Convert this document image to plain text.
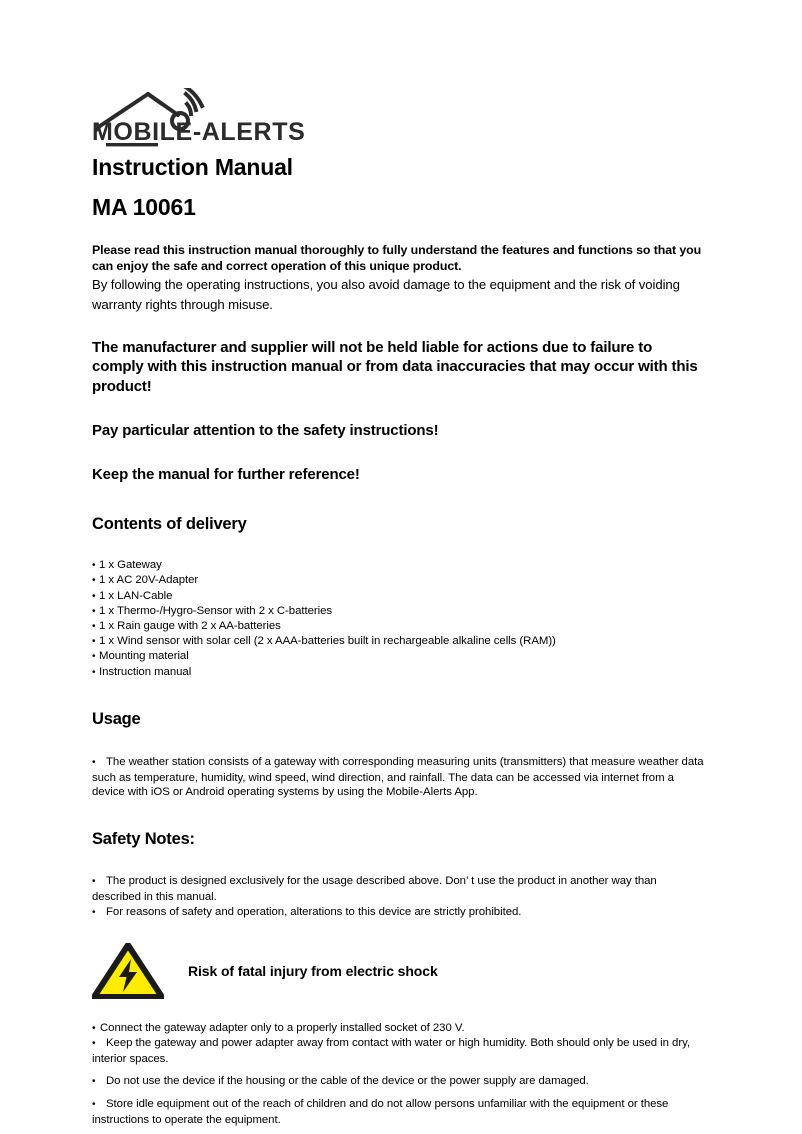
MOBILE-ALERTS
Instruction Manual
MA 10061

Please read this instruction manual thoroughly to fully understand the features and functions so that you can enjoy the safe and correct operation of this unique product.

By following the operating instructions, you also avoid damage to the equipment and the risk of voiding warranty rights through misuse.

The manufacturer and supplier will not be held liable for actions due to failure to comply with this instruction manual or from data inaccuracies that may occur with this product!

Pay particular attention to the safety instructions!

Keep the manual for further reference!

Contents of delivery
• 1 x Gateway
• 1 x AC 20V-Adapter
• 1 x LAN-Cable
• 1 x Thermo-/Hygro-Sensor with 2 x C-batteries
• 1 x Rain gauge with 2 x AA-batteries
• 1 x Wind sensor with solar cell (2 x AAA-batteries built in rechargeable alkaline cells (RAM))
• Mounting material
• Instruction manual
Usage
• The weather station consists of a gateway with corresponding measuring units (transmitters) that measure weather data such as temperature, humidity, wind speed, wind direction, and rainfall. The data can be accessed via internet from a device with iOS or Android operating systems by using the Mobile-Alerts App.
Safety Notes:
• The product is designed exclusively for the usage described above. Don’ t use the product in another way than described in this manual.
• For reasons of safety and operation, alterations to this device are strictly prohibited.
Risk of fatal injury from electric shock
• Connect the gateway adapter only to a properly installed socket of 230 V.
• Keep the gateway and power adapter away from contact with water or high humidity. Both should only be used in dry, interior spaces.
• Do not use the device if the housing or the cable of the device or the power supply are damaged.
• Store idle equipment out of the reach of children and do not allow persons unfamiliar with the equipment or these instructions to operate the equipment.
